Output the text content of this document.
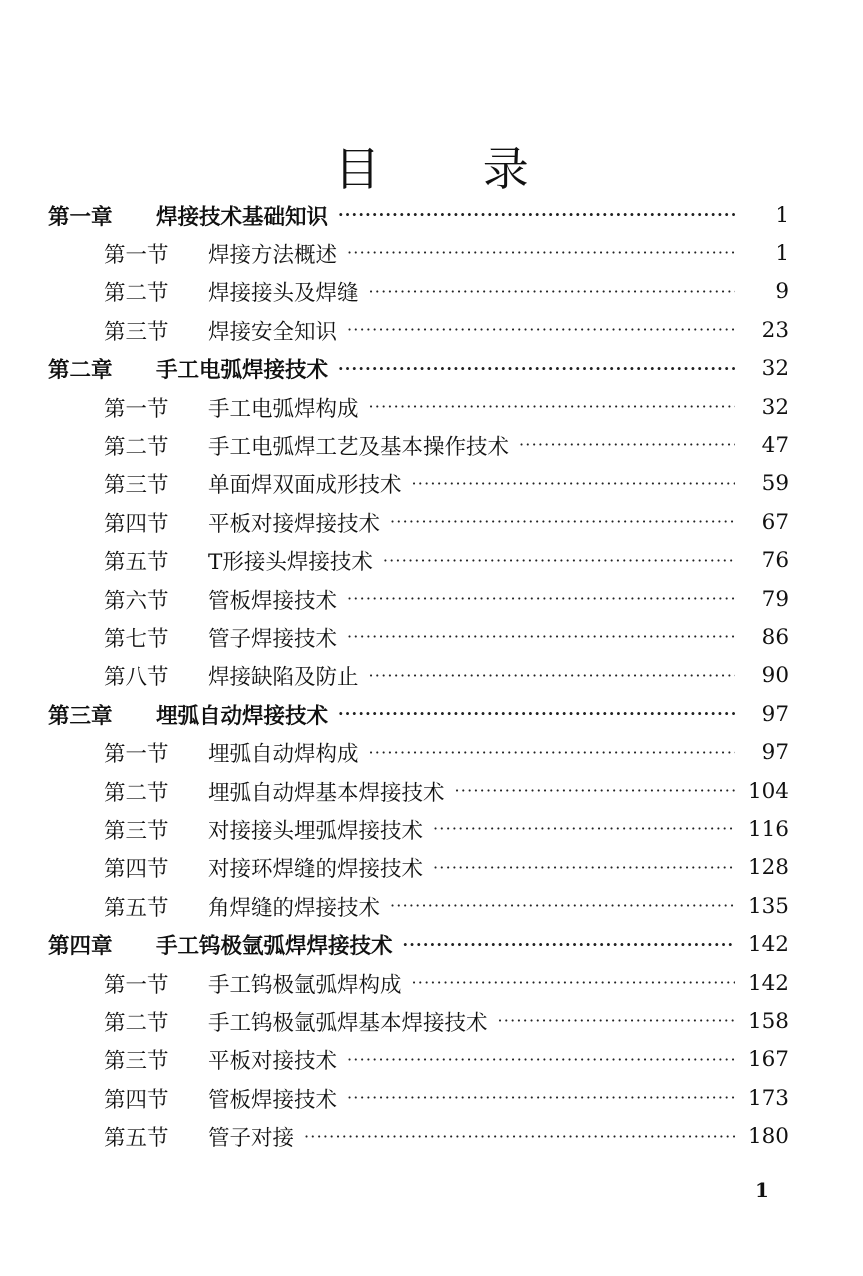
目 录
第一章	焊接技术基础知识 ·····	1
第一节	焊接方法概述 ·····	1
第二节	焊接接头及焊缝 ·····	9
第三节	焊接安全知识 ·····	23
第二章	手工电弧焊接技术 ·····	32
第一节	手工电弧焊构成 ·····	32
第二节	手工电弧焊工艺及基本操作技术 ·····	47
第三节	单面焊双面成形技术 ·····	59
第四节	平板对接焊接技术 ·····	67
第五节	T形接头焊接技术 ·····	76
第六节	管板焊接技术 ·····	79
第七节	管子焊接技术 ·····	86
第八节	焊接缺陷及防止 ·····	90
第三章	埋弧自动焊接技术 ·····	97
第一节	埋弧自动焊构成 ·····	97
第二节	埋弧自动焊基本焊接技术 ·····	104
第三节	对接接头埋弧焊接技术 ·····	116
第四节	对接环焊缝的焊接技术 ·····	128
第五节	角焊缝的焊接技术 ·····	135
第四章	手工钨极氩弧焊焊接技术 ·····	142
第一节	手工钨极氩弧焊构成 ·····	142
第二节	手工钨极氩弧焊基本焊接技术 ·····	158
第三节	平板对接技术 ·····	167
第四节	管板焊接技术 ·····	173
第五节	管子对接 ·····	180
1
